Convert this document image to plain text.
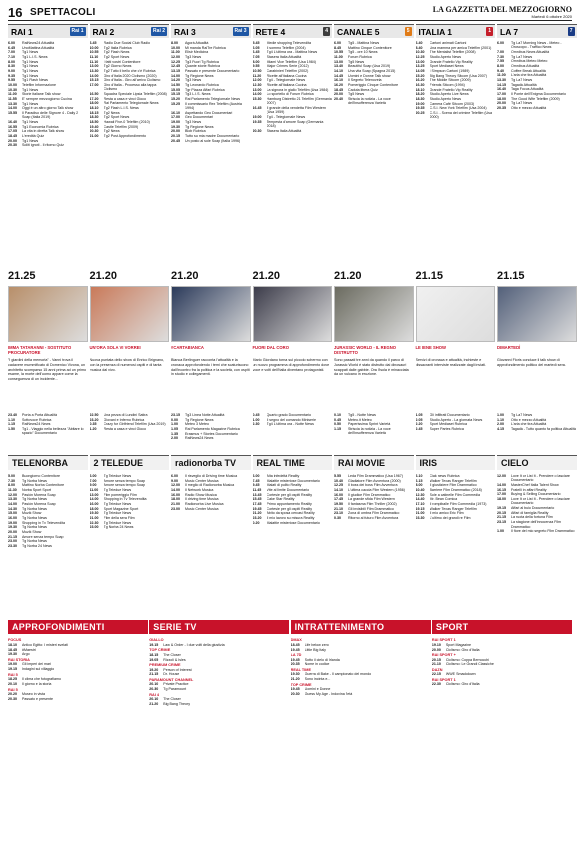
16 SPETTACOLI	LA GAZZETTA DEL MEZZOGIORNO
Martedì 6 ottobre 2020
RAI 1	Rai 1
6.00	RaiNews24 Attualità
6.45	UnoMattina Attualità
7.00	Tg1 News
7.10	Tg1 L.I.S. News
8.00	Tg1 News
8.30	Tg1 News
9.00	Tg1 News
9.35	Tg1 News
9.55	Tg1 Flash News
10.00	Telefilm Informazione
10.30	Tg1 News
11.00	Storie italiane Talk show
11.55	E' sempre mezzogiorno Cucina
13.30	Tg1 News
14.00	Oggi è un altro giorno Talk show
15.55	Il Paradiso delle Signore 4 - Daily 2 Soap (Italia 2019)
16.40	Tg1 News
16.55	Tg1 Economia Rubrica
17.05	La vita in diretta Talk show
18.45	L'eredità Quiz
20.00	Tg1 News
20.30	Soliti ignoti - Il ritorno Quiz
RAI 2	Rai 2
6.45	Radio Due Social Club Radio
10.00	Tg2 Italia Rubrica
10.55	Tg2 Flash News
11.10	Tg2 Sport News
11.10	I fatti vostri Contenitore
13.00	Tg2 Giorno News
13.30	Tg2 Tutto il bello che c'è Rubrica
14.00	Giro d'Italia 2020 Ciclismo (2020)
15.15	Giro d'Italia - Giro all'arrivo Ciclismo
17.00	Giro d'Italia - Processo alla tappa Ciclismo
16.50	Squadra Speciale Lipsia Telefilm (2008)
17.20	Resta a casa e vinci Gioco
18.00	Rai Parlamento Telegiornale News
18.10	Tg2 Flash L.I.S. News
18.15	Tg2 News
18.30	Tg2 Sport News
18.50	Hawaii Five-0 Telefilm (2010)
19.40	Castle Telefilm (2009)
20.30	Tg2 News
21.00	Tg2 Post Approfondimento
RAI 3	Rai 3
8.00	Agorà Attualità
10.00	Mi manda RaiTre Rubrica
11.00	Elisir Medicina
12.00	Tg3 News
12.25	Tg3 Fuori Tg Rubrica
12.45	Quante storie Rubrica
13.15	Passato e presente Documentario
14.00	Tg Regione News
14.20	Tg3 News
14.50	Tg Leonardo Rubrica
15.05	Tgr Piazza Affari Rubrica
15.15	Tg3 L.I.S. News
15.20	Rai Parlamento Telegiornale News
15.25	Il commissario Rex Telefilm (Austria 1994)
16.10	Aspettando Geo Documentari
17.00	Geo Documentari
19.00	Tg3 News
19.30	Tg Regione News
20.00	Blob Rubrica
20.15	Tutto su mia madre Documentario
20.45	Un posto al sole Soap (Italia 1996)
RETE 4	4
5.45	Medie shopping Televendita
6.05	Il sommo Telefilm (2004)
6.45	Tg4 L'ultima ora - Mattina News
7.05	Stasera Italia Attualità
8.00	Miami Vice Telefilm (Usa 1984)
9.55	Major Crimes Serie (2012)
10.50	Carabinieri Telefilm (2002)
11.20	Ricette all'italiana Cucina
12.00	Tg4 - Telegiornale News
12.30	Ricette all'italiana Cucina
13.00	La signora in giallo Telefilm (Usa 1984)
14.00	Lo sportello di Forum Rubrica
15.30	Hamburg Distretto 21 Telefilm (Germania 2007)
16.45	Il grande della vendetta Film Western (Usa 1959)
19.00	Tg4 - Telegiornale News
19.35	Tempesta d'amore Soap (Germania 2018)
20.30	Stasera Italia Attualità
CANALE 5	5
6.00	Tg5 - Mattina News
8.45	Mattino Cinque Contenitore
10.55	Tg5 - ore 10 News
11.00	Forum Rubrica
13.00	Tg5 News
13.40	Beautiful Soap (Usa 2019)
14.10	Una vita Soap (Spagna 2015)
14.45	Uomini e Donne Talk show
16.10	Il Segreto Telenovela
16.20	Pomeriggio Cinque Contenitore
18.45	Caduta libera Quiz
20.00	Tg5 News
20.40	Striscia la notizia - La voce dell'insofferenza Varietà
ITALIA 1	1
6.40	Cartoni animati Cartoni
8.40	Una mamma per amica Telefilm (2001)
10.30	The Mentalist Telefilm (2008)
12.25	Studio Aperto News
13.00	Grande Fratello Vip Reality
13.25	Sport Mediaset News
14.05	I Simpson Cartoni (1989)
15.20	Big Bang Theory Sitcom (Usa 2007)
16.20	The Middle Sitcom (2009)
16.30	Friends Sitcom (1994)
18.10	Grande Fratello Vip Reality
18.20	Studio Aperto Live News
18.30	Studio Aperto News
19.00	Camera Café Sitcom (2003)
19.35	C.S.I. New York Telefilm (Usa 2004)
20.25	C.S.I. - Scena del crimine Telefilm (Usa 2000)
LA 7	7
6.00	Tg La7 Morning News - Meteo - Oroscopo - Traffico News
7.00	Omnibus News Attualità
7.30	Tg La7 News
7.55	Omnibus Meteo Meteo
8.00	Omnibus Attualità
9.40	Coffee Break Attualità
11.00	L'aria che tira Attualità
13.30	Tg La7 News
14.15	Tagadà Attualità
16.40	Taga Focus Attualità
17.00	Il Ponte dell'Enigma Documentario
18.00	The Good Wife Telefilm (2009)
20.00	Tg La7 News
20.35	Otto e mezzo Attualità
21.25
IMMA TATARANNI - SOSTITUTO PROCURATORE
"I giardini della memoria" - Vanni trova il cadavere mummificato di Domenico Vivona, un architetto scomparso 15 anni prima ad un primo esame, la morte dell'uomo appare come la conseguenza di un incidente...
23.40	Porta a Porta Attualità
1.10	Sottovoce Rubrica
1.15	RaiNews24 News
1.50	Tg1 - Viaggio nella bellezza "Abitare lo spazio" Documentario
21.20
UN'ORA SOLA VI VORREI
Nuova puntata dello show di Enrico Brignano, con la presenza di numerosi ospiti e di tanta musica dal vivo.
22.50	Una pezza di Lundini Satira
23.20	Giovani e Inferno Rubrica
0.35	Crazy for Girlfriend Telefilm (Usa 2019)
1.20	Resta a casa e vinci Gioco
21.20
#CARTABIANCA
Bianca Berlinguer racconta l'attualità e la cronaca approfondendo i temi che scaturiscono dall'incontro fra la politica e la società, con ospiti in studio e collegamenti.
23.15	Tg3 Linea Notte Attualità
0.00	Tg Regione News
1.00	Meteo 3 Meteo
1.05	Rai Parlamento Magazine Rubrica
1.35	Erasmus + Stories Documentario
2.00	RaiNews24 News
21.20
FUORI DAL CORO
Mario Giordano torna sul piccolo schermo con un nuovo programma di approfondimento dove voce e volti dell'Italia diventano protagonisti.
0.45	Quarto grado Documentario
1.00	Il segno del comando Miniserie
2.30	Tg4 L'ultima ora - Notte News
21.20
JURASSIC WORLD - IL REGNO DISTRUTTO
Sono passati tre anni da quando il parco di Jurassic World è stato distrutto dai dinosauri scappati dalle gabbie. Ora l'isola è minacciata da un vulcano in eruzione.
0.10	Tg5 - Notte News
0.45	Meteo.it Meteo
0.50	Paperissima Sprint Varietà
1.15	Striscia la notizia - La voce dell'insofferenza Varietà
21.15
LE IENE SHOW
Servizi di cronaca e attualità, inchieste e dissacranti interviste realizzate dagli inviati.
1.05	Gli infiltrati Documentario
2.05	Studio Aperto - La giornata News
2.20	Sport Mediaset Rubrica
2.45	Super Partes Rubrica
21.15
DIMARTEDÌ
Giovanni Floris conduce il talk show di approfondimento politico del martedì sera.
1.00	Tg La7 News
1.10	Otto e mezzo Attualità
2.00	L'aria che tira Attualità
4.15	Tagadà - Tutto quanto fa politica Attualità
TELENORBA
5.00	Buongiorno Contenitore
7.30	Tg Norba News
8.00	Mattino Norba Contenitore
11.30	Norba Sport Sport
12.00	Pasión Morena Soap
13.30	Tg Norba News
14.00	Pasión Morena Soap
14.30	Tg Norba News
15.00	Muzik Show
16.00	Tg Norba News
19.00	Shopping in Tv Televendita
19.30	Tg Norba News
20.00	Muzik Show
21.15	Amore senza tempo Soap
23.00	Tg Norba News
23.30	Tg Norba 24 News
2 TELEDUE
6.00	Tg Teledue News
7.00	Amore senza tempo Soap
9.00	Amore senza tempo Soap
11.00	Tg Teledue News
13.00	Film pomeriggio Film
14.00	Shopping in Tv Televendita
16.00	Tg Teledue News
18.00	Sport Magazine Sport
19.30	Tg Teledue News
21.00	Film della sera Film
22.30	Tg Teledue News
23.00	Tg Norba 24 News
radionorba TV
6.00	Il risveglio di Driving time Musica
9.00	Music Center Musica
12.00	Il meglio di Radionorba Musica
14.00	Il Network Musica
16.00	Radio Show Musica
18.00	Il driving time Musica
21.00	Radionorba Live Musica
23.00	Music Center Musica
REAL TIME
6.00	Alta infedeltà Reality
7.45	Malattie misteriose Documentario
9.45	Malati di pulito Reality
11.45	Vite al limite Documentario
13.45	Cortesie per gli ospiti Reality
15.45	Cake Star Reality
17.45	Primo appuntamento Reality
19.45	Cortesie per gli ospiti Reality
21.20	Abito da sposa cercasi Reality
23.20	Il mio lavoro su misura Reality
0.20	Malattie misteriose Documentario
RAI MOVIE
5.55	Leda Film Drammatico (Usa 1967)
10.40	Gladiatore Film Avventura (2000)
12.25	Il boss dei boss Film Avventura
14.10	L'ultima caccia Film Western (1956)
16.00	Il giudice Film Drammatico
17.45	La grande sfida Film Western
19.50	Il fantasma Film Thriller (2002)
21.10	Gli invisibili Film Drammatico
23.10	Zona di ombra Film Drammatico
0.30	Ritorno al futuro Film Avventura
IRIS
6.10	Ciak news Rubrica
6.15	Walker Texas Ranger Telefilm
8.00	Il giustiziere Film Drammatico
10.40	Barriere Film Drammatico (2018)
12.30	Sole a catinelle Film Commedia
14.40	Mr. Bean Comica
17.10	Il rompiballe Film Commedia (1973)
19.15	Walker Texas Ranger Telefilm
21.00	Il mio amico Eric Film
23.30	L'ultimo dei grandi re Film
CIELO
12.00	Love It or List It - Prendere o lasciare Documentario
14.00	MasterChef Italia Talent Show
16.15	Fratelli in affari Reality
17.00	Buying & Selling Documentario
18.00	Love It or List It - Prendere o lasciare Documentario
19.15	Affari al buio Documentario
20.15	Affari di famiglia Reality
21.15	La ruota della fortuna Film
23.15	La stagione dell'innocenza Film Drammatico
1.00	Il fiore del mio segreto Film Drammatico
APPROFONDIMENTI
FOCUS
18.10	Antico Egitto: I misteri svelati
18.45	#Maestri
19.30	Argo
RAI STORIA
19.00	Gli imperi dei mari
19.15	Indagini sul villaggio
RAI 5
18.25	Il clima che fotografiamo
20.10	Il giorno e la storia
RAI 5
20.20	Museo in vista
20.30	Passato e presente
SERIE TV
GIALLO
19.15	Law & Order - I due volti della giustizia
TOP CRIME
18.15	The Closer
19.05	Rizzoli & Isles
PREMIUM CRIME
19.20	Person of Interest
21.15	Dr. House
PARAMOUNT CHANNEL
20.10	Private Practice
20.30	Tg Paramount
RAI 4
20.10	The Closer
21.20	Big Bang Theory
INTRATTENIMENTO
DMAX
18.45	Life below zero
19.45	Little Big Italy
LA 7D
19.45	Sotto il cielo di Irlanda
20.35	Nome in codice
REAL TIME
19.30	Guerra di Bake - Il campionato del mondo
21.20	Sono incinta e...
TOP CRIME
19.45	Uomini e Donne
20.30	Guess My Age - Indovina l'età
SPORT
RAI SPORT 1
19.10	Sport Magazine
20.00	Ciclismo: Giro d'Italia
RAI SPORT +
20.15	Ciclismo: Coppa Bernocchi
21.10	Ciclismo: Le Grandi Classiche
DAZN
22.15	WWE Smackdown
RAI SPORT 1
22.30	Ciclismo: Giro d'Italia
